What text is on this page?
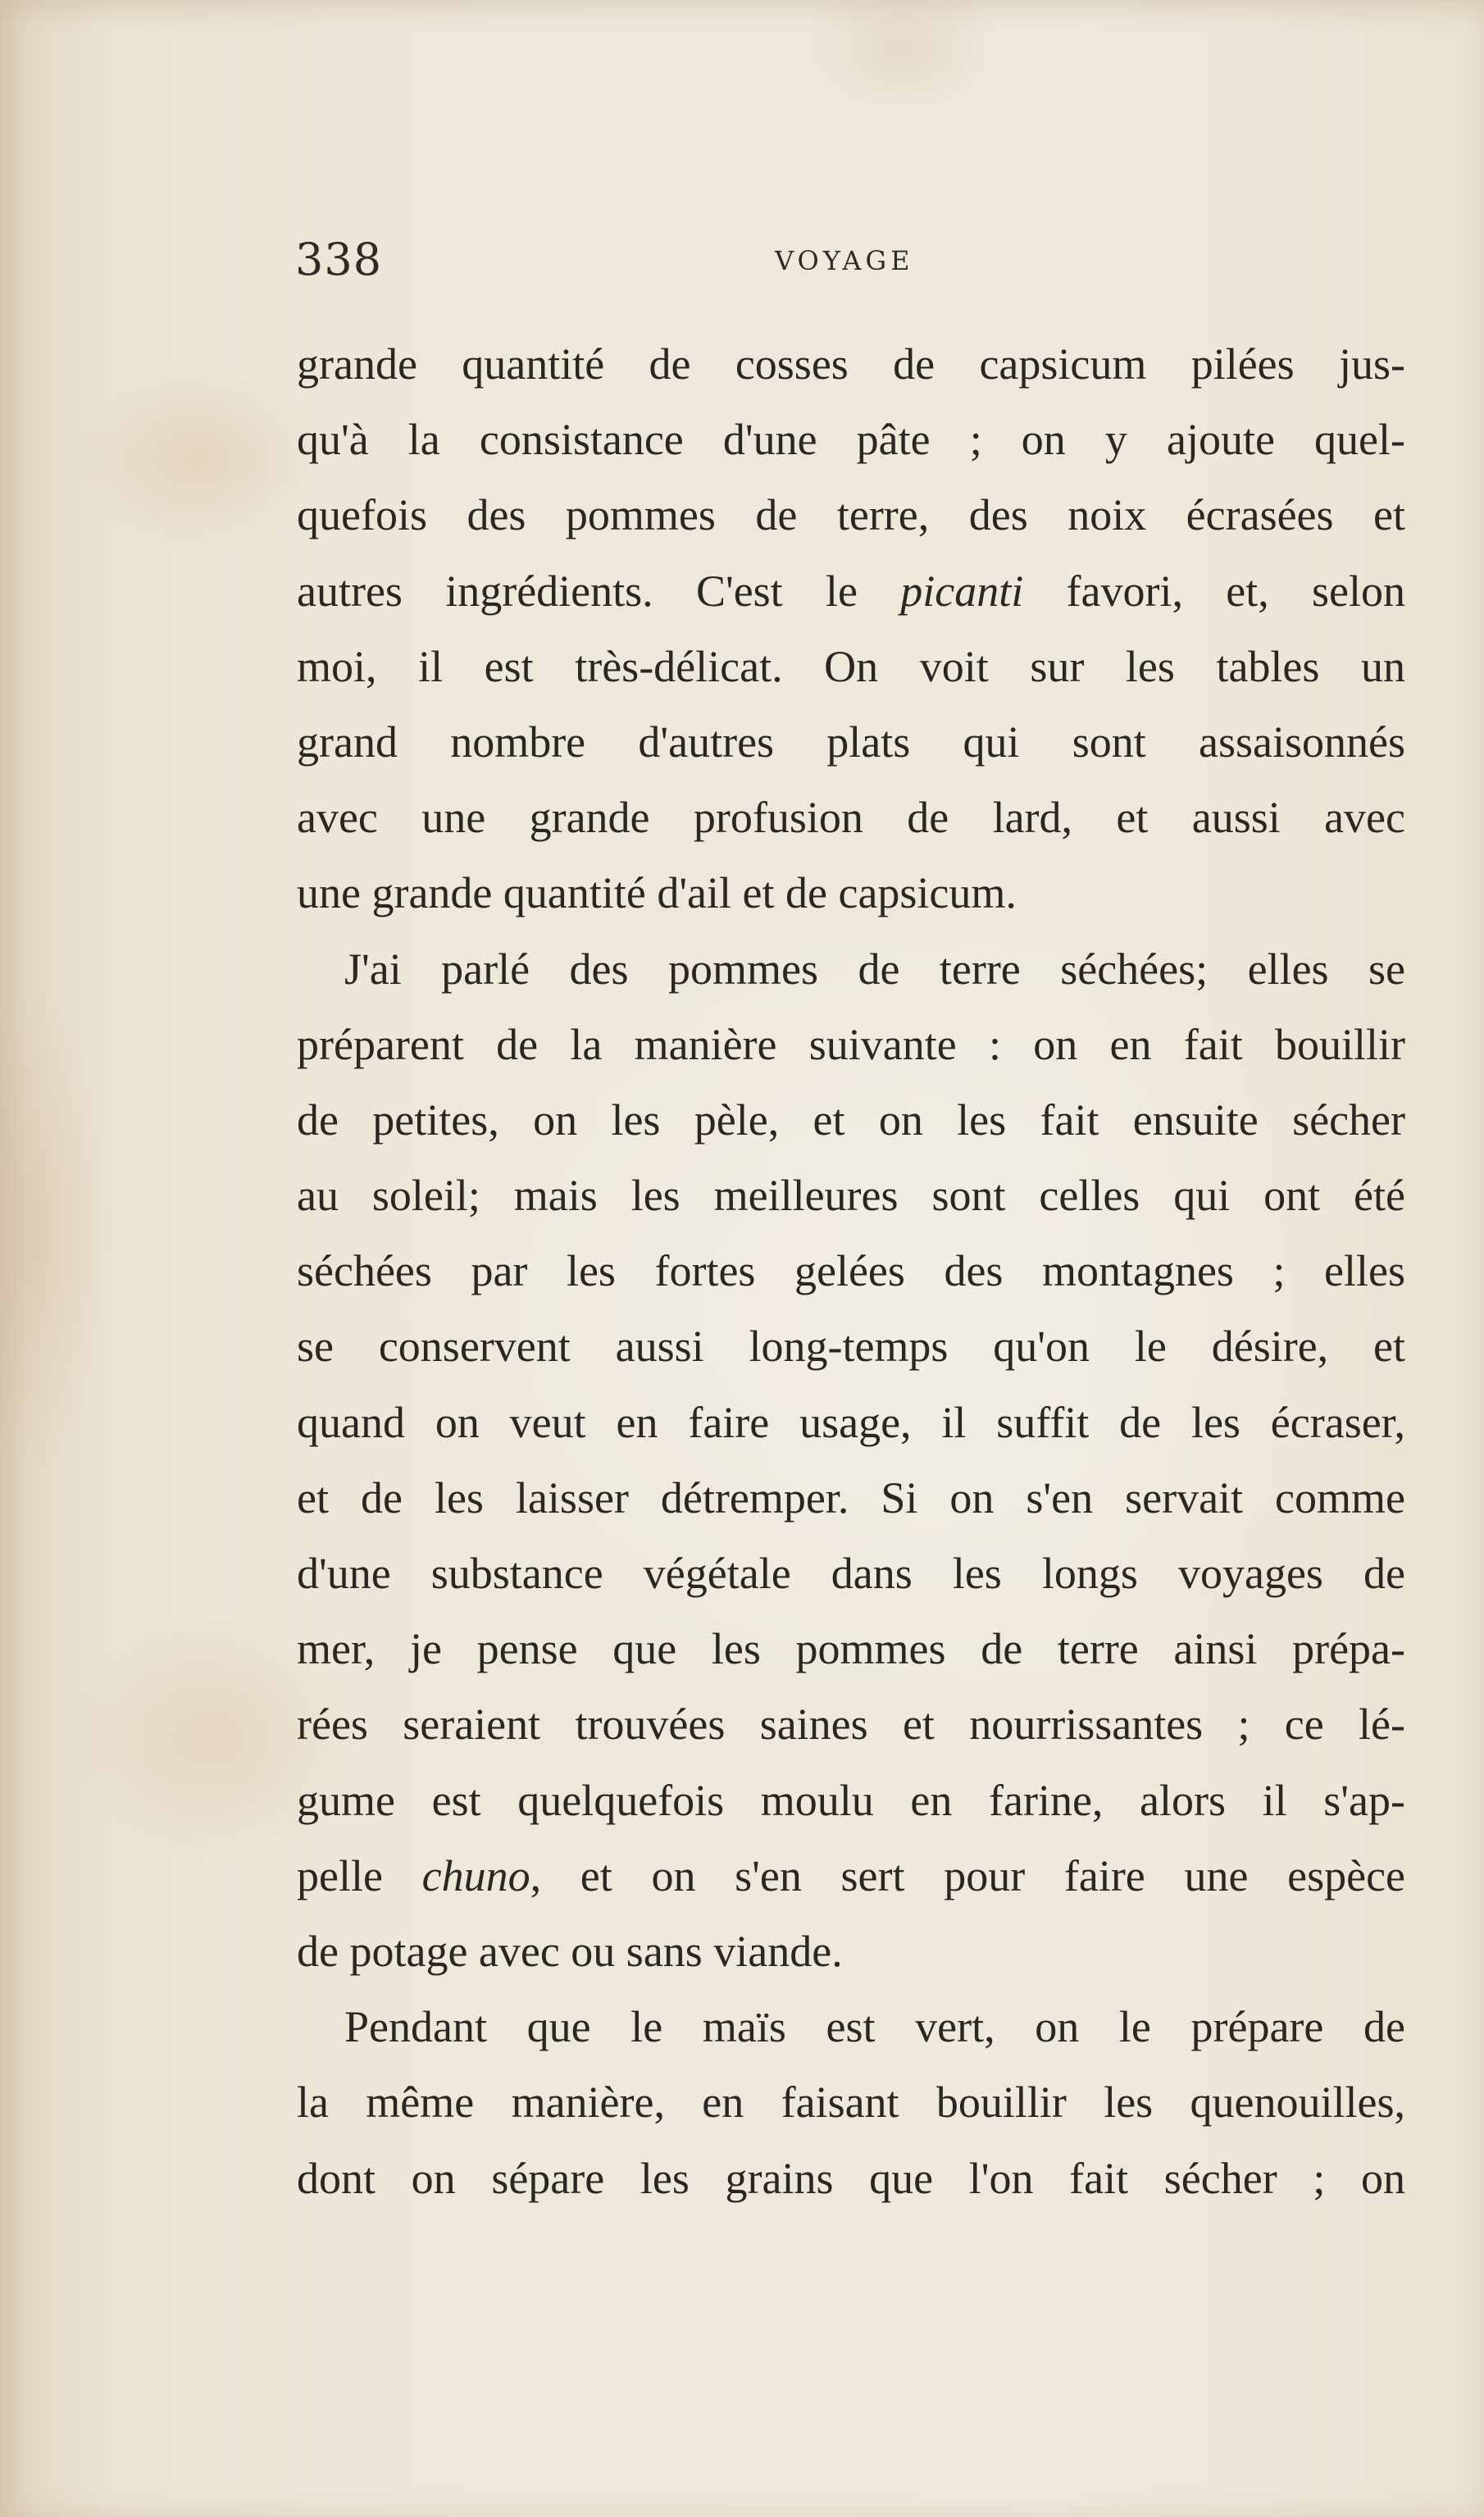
338	VOYAGE
grande quantité de cosses de capsicum pilées jus-
qu'à la consistance d'une pâte ; on y ajoute quel-
quefois des pommes de terre, des noix écrasées et
autres ingrédients. C'est le picanti favori, et, selon
moi, il est très-délicat. On voit sur les tables un
grand nombre d'autres plats qui sont assaisonnés
avec une grande profusion de lard, et aussi avec
une grande quantité d'ail et de capsicum.
J'ai parlé des pommes de terre séchées; elles se
préparent de la manière suivante : on en fait bouillir
de petites, on les pèle, et on les fait ensuite sécher
au soleil; mais les meilleures sont celles qui ont été
séchées par les fortes gelées des montagnes ; elles
se conservent aussi long-temps qu'on le désire, et
quand on veut en faire usage, il suffit de les écraser,
et de les laisser détremper. Si on s'en servait comme
d'une substance végétale dans les longs voyages de
mer, je pense que les pommes de terre ainsi prépa-
rées seraient trouvées saines et nourrissantes ; ce lé-
gume est quelquefois moulu en farine, alors il s'ap-
pelle chuno, et on s'en sert pour faire une espèce
de potage avec ou sans viande.
Pendant que le maïs est vert, on le prépare de
la même manière, en faisant bouillir les quenouilles,
dont on sépare les grains que l'on fait sécher ; on
